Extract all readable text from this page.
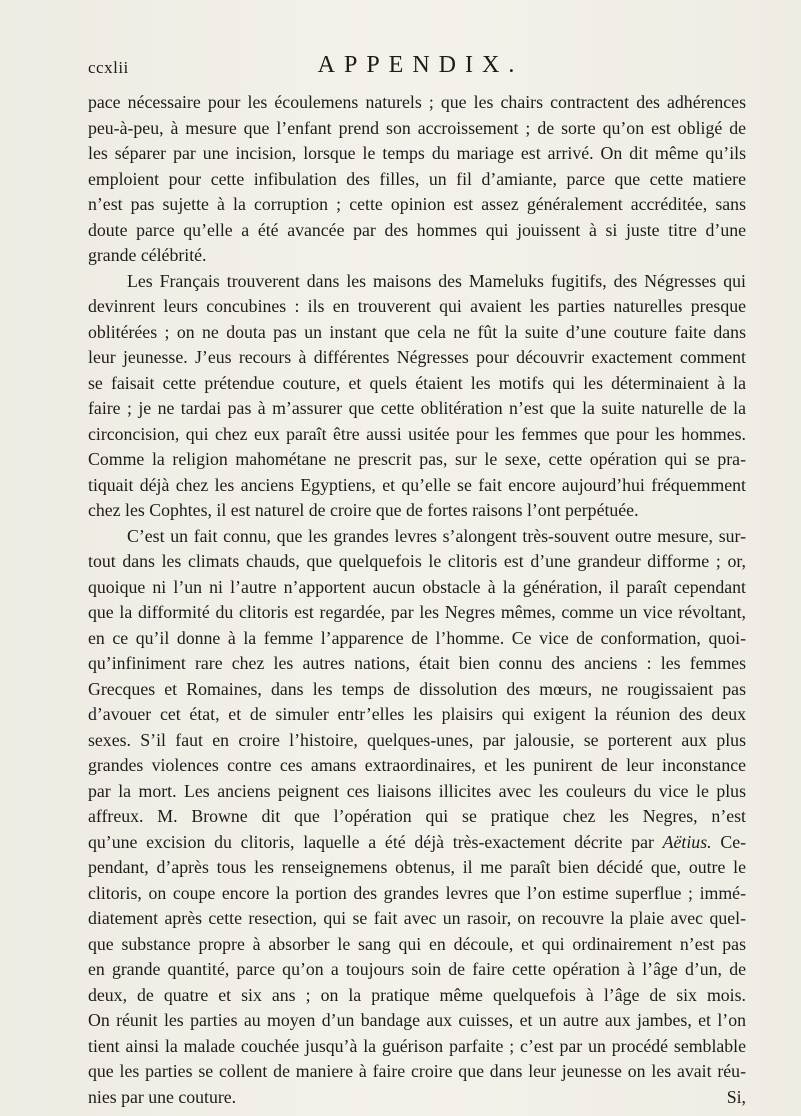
ccxlii	APPENDIX.
pace nécessaire pour les écoulemens naturels ; que les chairs contractent des adhérences
peu-à-peu, à mesure que l’enfant prend son accroissement ; de sorte qu’on est obligé de
les séparer par une incision, lorsque le temps du mariage est arrivé. On dit même qu’ils
emploient pour cette infibulation des filles, un fil d’amiante, parce que cette matiere
n’est pas sujette à la corruption ; cette opinion est assez généralement accréditée, sans
doute parce qu’elle a été avancée par des hommes qui jouissent à si juste titre d’une
grande célébrité.
Les Français trouverent dans les maisons des Mameluks fugitifs, des Négresses qui
devinrent leurs concubines : ils en trouverent qui avaient les parties naturelles presque
oblitérées ; on ne douta pas un instant que cela ne fût la suite d’une couture faite dans
leur jeunesse. J’eus recours à différentes Négresses pour découvrir exactement comment
se faisait cette prétendue couture, et quels étaient les motifs qui les déterminaient à la
faire ; je ne tardai pas à m’assurer que cette oblitération n’est que la suite naturelle de la
circoncision, qui chez eux paraît être aussi usitée pour les femmes que pour les hommes.
Comme la religion mahométane ne prescrit pas, sur le sexe, cette opération qui se pra-
tiquait déjà chez les anciens Egyptiens, et qu’elle se fait encore aujourd’hui fréquemment
chez les Cophtes, il est naturel de croire que de fortes raisons l’ont perpétuée.
C’est un fait connu, que les grandes levres s’alongent très-souvent outre mesure, sur-
tout dans les climats chauds, que quelquefois le clitoris est d’une grandeur difforme ; or,
quoique ni l’un ni l’autre n’apportent aucun obstacle à la génération, il paraît cependant
que la difformité du clitoris est regardée, par les Negres mêmes, comme un vice révoltant,
en ce qu’il donne à la femme l’apparence de l’homme. Ce vice de conformation, quoi-
qu’infiniment rare chez les autres nations, était bien connu des anciens : les femmes
Grecques et Romaines, dans les temps de dissolution des mœurs, ne rougissaient pas
d’avouer cet état, et de simuler entr’elles les plaisirs qui exigent la réunion des deux
sexes. S’il faut en croire l’histoire, quelques-unes, par jalousie, se porterent aux plus
grandes violences contre ces amans extraordinaires, et les punirent de leur inconstance
par la mort. Les anciens peignent ces liaisons illicites avec les couleurs du vice le plus
affreux. M. Browne dit que l’opération qui se pratique chez les Negres, n’est
qu’une excision du clitoris, laquelle a été déjà très-exactement décrite par Aëtius. Ce-
pendant, d’après tous les renseignemens obtenus, il me paraît bien décidé que, outre le
clitoris, on coupe encore la portion des grandes levres que l’on estime superflue ; immé-
diatement après cette resection, qui se fait avec un rasoir, on recouvre la plaie avec quel-
que substance propre à absorber le sang qui en découle, et qui ordinairement n’est pas
en grande quantité, parce qu’on a toujours soin de faire cette opération à l’âge d’un, de
deux, de quatre et six ans ; on la pratique même quelquefois à l’âge de six mois.
On réunit les parties au moyen d’un bandage aux cuisses, et un autre aux jambes, et l’on
tient ainsi la malade couchée jusqu’à la guérison parfaite ; c’est par un procédé semblable
que les parties se collent de maniere à faire croire que dans leur jeunesse on les avait réu-
nies par une couture.	Si,
